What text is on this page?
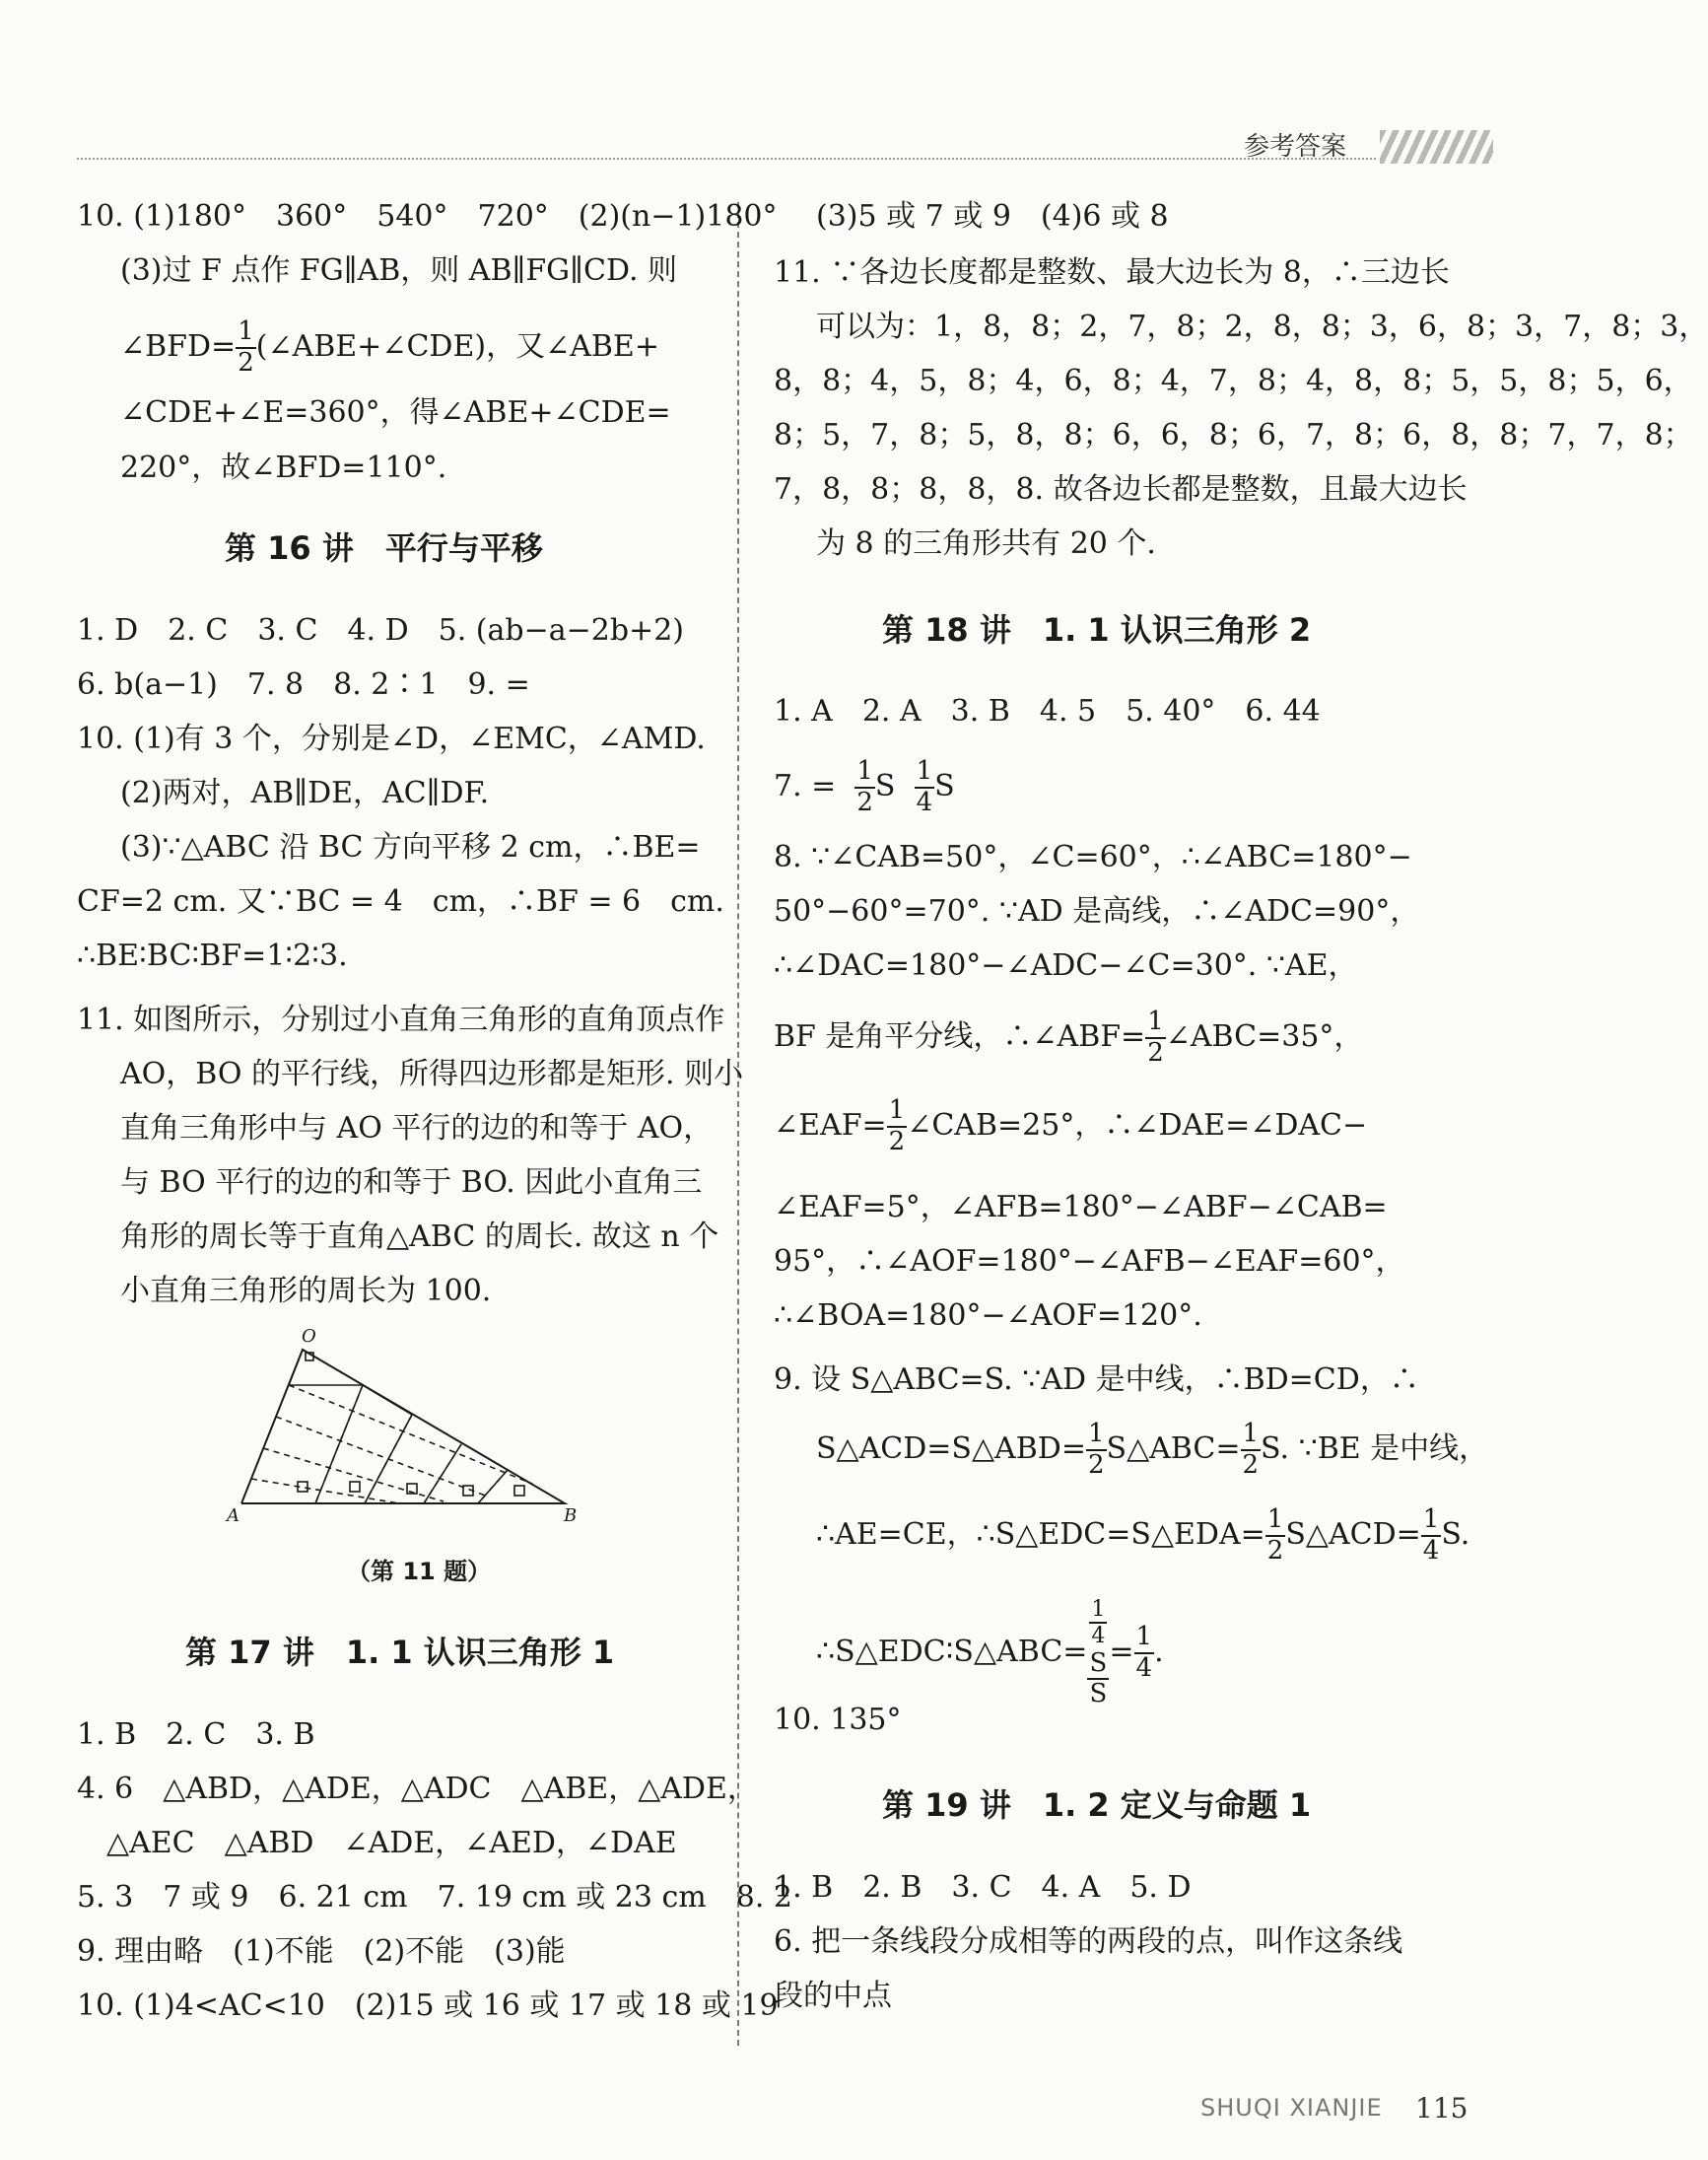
参考答案
10. (1)180°　360°　540°　720°　(2)(n−1)180°
(3)过 F 点作 FG∥AB，则 AB∥FG∥CD. 则
∠BFD= $\frac{1}{2}$ (∠ABE+∠CDE)，又∠ABE+
∠CDE+∠E=360°，得∠ABE+∠CDE=
220°，故∠BFD=110°.
第 16 讲　平行与平移
1. D　2. C　3. C　4. D　5. (ab−a−2b+2)
6. b(a−1)　7. 8　8. 2∶1　9. =
10. (1)有 3 个，分别是∠D，∠EMC，∠AMD.
(2)两对，AB∥DE，AC∥DF.
(3)∵△ABC 沿 BC 方向平移 2 cm，∴BE=
CF=2 cm. 又∵BC = 4　cm，∴BF = 6　cm.
∴BE∶BC∶BF=1∶2∶3.
11. 如图所示，分别过小直角三角形的直角顶点作
AO，BO 的平行线，所得四边形都是矩形. 则小
直角三角形中与 AO 平行的边的和等于 AO，
与 BO 平行的边的和等于 BO. 因此小直角三
角形的周长等于直角△ABC 的周长. 故这 n 个
小直角三角形的周长为 100.
O
A	B
（第 11 题）
第 17 讲　1. 1 认识三角形 1
1. B　2. C　3. B
4. 6　△ABD，△ADE，△ADC　△ABE，△ADE，
△AEC　△ABD　∠ADE，∠AED，∠DAE
5. 3　7 或 9　6. 21 cm　7. 19 cm 或 23 cm　8. 2
9. 理由略　(1)不能　(2)不能　(3)能
10. (1)4<AC<10　(2)15 或 16 或 17 或 18 或 19
(3)5 或 7 或 9　(4)6 或 8
11. ∵各边长度都是整数、最大边长为 8，∴三边长
可以为：1，8，8；2，7，8；2，8，8；3，6，8；3，7，8；3，
8，8；4，5，8；4，6，8；4，7，8；4，8，8；5，5，8；5，6，
8；5，7，8；5，8，8；6，6，8；6，7，8；6，8，8；7，7，8；
7，8，8；8，8，8. 故各边长都是整数，且最大边长
为 8 的三角形共有 20 个.
第 18 讲　1. 1 认识三角形 2
1. A　2. A　3. B　4. 5　5. 40°　6. 44
7. = $\frac{1}{2}$ S $\frac{1}{4}$ S
8. ∵∠CAB=50°，∠C=60°，∴∠ABC=180°−
50°−60°=70°. ∵AD 是高线，∴∠ADC=90°，
∴∠DAC=180°−∠ADC−∠C=30°. ∵AE，
BF 是角平分线，∴∠ABF= $\frac{1}{2}$ ∠ABC=35°，
∠EAF= $\frac{1}{2}$ ∠CAB=25°，∴∠DAE=∠DAC−
∠EAF=5°，∠AFB=180°−∠ABF−∠CAB=
95°，∴∠AOF=180°−∠AFB−∠EAF=60°，
∴∠BOA=180°−∠AOF=120°.
9. 设 S△ABC=S. ∵AD 是中线，∴BD=CD，∴
S△ACD=S△ABD= $\frac{1}{2}$ S△ABC= $\frac{1}{2} S$. ∵BE 是中线，
∴AE=CE，∴S△EDC=S△EDA= $\frac{1}{2}$ S△ACD= $\frac{1}{4} S$.
∴S△EDC∶S△ABC= 1
4
S
$S = \frac{1}{4}$ .
10. 135°
第 19 讲　1. 2 定义与命题 1
1. B　2. B　3. C　4. A　5. D
6. 把一条线段分成相等的两段的点，叫作这条线
段的中点
SHUQI XIANJIE 115
